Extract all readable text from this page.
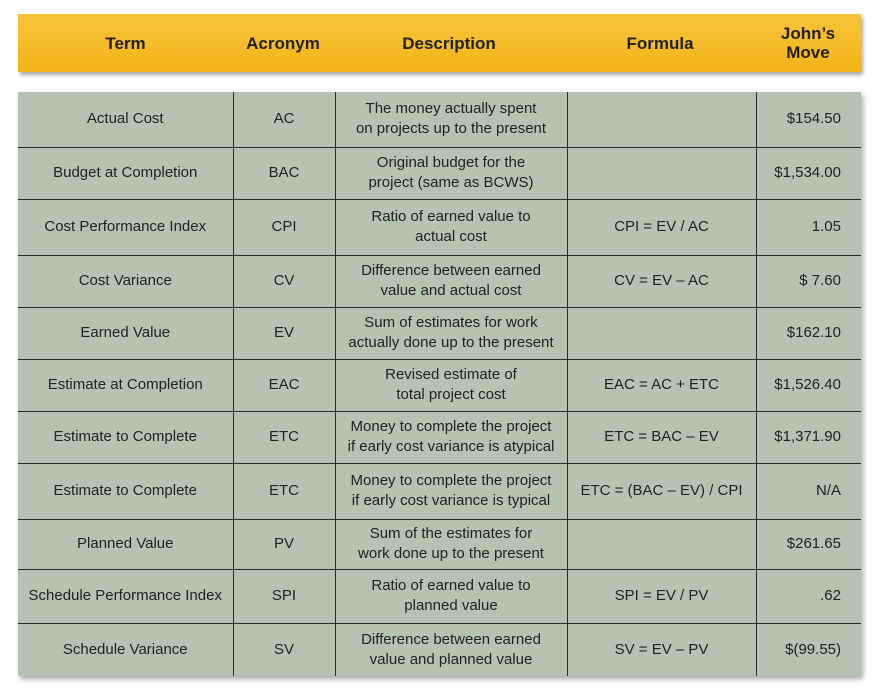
Term	Acronym	Description	Formula	John’s
Move
Actual Cost	AC	The money actually spent
on projects up to the present		$154.50
Budget at Completion	BAC	Original budget for the
project (same as BCWS)		$1,534.00
Cost Performance Index	CPI	Ratio of earned value to
actual cost	CPI = EV / AC	1.05
Cost Variance	CV	Difference between earned
value and actual cost	CV = EV – AC	$ 7.60
Earned Value	EV	Sum of estimates for work
actually done up to the present		$162.10
Estimate at Completion	EAC	Revised estimate of
total project cost	EAC = AC + ETC	$1,526.40
Estimate to Complete	ETC	Money to complete the project
if early cost variance is atypical	ETC = BAC – EV	$1,371.90
Estimate to Complete	ETC	Money to complete the project
if early cost variance is typical	ETC = (BAC – EV) / CPI	N/A
Planned Value	PV	Sum of the estimates for
work done up to the present		$261.65
Schedule Performance Index	SPI	Ratio of earned value to
planned value	SPI = EV / PV	.62
Schedule Variance	SV	Difference between earned
value and planned value	SV = EV – PV	$(99.55)
